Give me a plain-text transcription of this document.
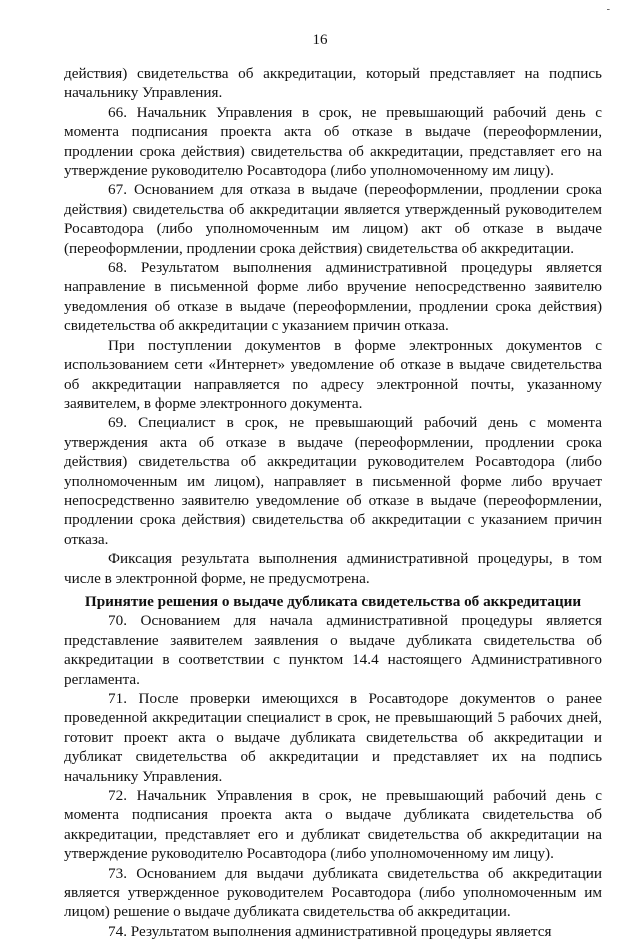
-
16

действия) свидетельства об аккредитации, который представляет на подпись начальнику Управления.

66. Начальник Управления в срок, не превышающий рабочий день с момента подписания проекта акта об отказе в выдаче (переоформлении, продлении срока действия) свидетельства об аккредитации, представляет его на утверждение руководителю Росавтодора (либо уполномоченному им лицу).

67. Основанием для отказа в выдаче (переоформлении, продлении срока действия) свидетельства об аккредитации является утвержденный руководителем Росавтодора (либо уполномоченным им лицом) акт об отказе в выдаче (переоформлении, продлении срока действия) свидетельства об аккредитации.

68. Результатом выполнения административной процедуры является направление в письменной форме либо вручение непосредственно заявителю уведомления об отказе в выдаче (переоформлении, продлении срока действия) свидетельства об аккредитации с указанием причин отказа.

При поступлении документов в форме электронных документов с использованием сети «Интернет» уведомление об отказе в выдаче свидетельства об аккредитации направляется по адресу электронной почты, указанному заявителем, в форме электронного документа.

69. Специалист в срок, не превышающий рабочий день с момента утверждения акта об отказе в выдаче (переоформлении, продлении срока действия) свидетельства об аккредитации руководителем Росавтодора (либо уполномоченным им лицом), направляет в письменной форме либо вручает непосредственно заявителю уведомление об отказе в выдаче (переоформлении, продлении срока действия) свидетельства об аккредитации с указанием причин отказа.

Фиксация результата выполнения административной процедуры, в том числе в электронной форме, не предусмотрена.

Принятие решения о выдаче дубликата свидетельства об аккредитации

70. Основанием для начала административной процедуры является представление заявителем заявления о выдаче дубликата свидетельства об аккредитации в соответствии с пунктом 14.4 настоящего Административного регламента.

71. После проверки имеющихся в Росавтодоре документов о ранее проведенной аккредитации специалист в срок, не превышающий 5 рабочих дней, готовит проект акта о выдаче дубликата свидетельства об аккредитации и дубликат свидетельства об аккредитации и представляет их на подпись начальнику Управления.

72. Начальник Управления в срок, не превышающий рабочий день с момента подписания проекта акта о выдаче дубликата свидетельства об аккредитации, представляет его и дубликат свидетельства об аккредитации на утверждение руководителю Росавтодора (либо уполномоченному им лицу).

73. Основанием для выдачи дубликата свидетельства об аккредитации является утвержденное руководителем Росавтодора (либо уполномоченным им лицом) решение о выдаче дубликата свидетельства об аккредитации.

74. Результатом выполнения административной процедуры является
